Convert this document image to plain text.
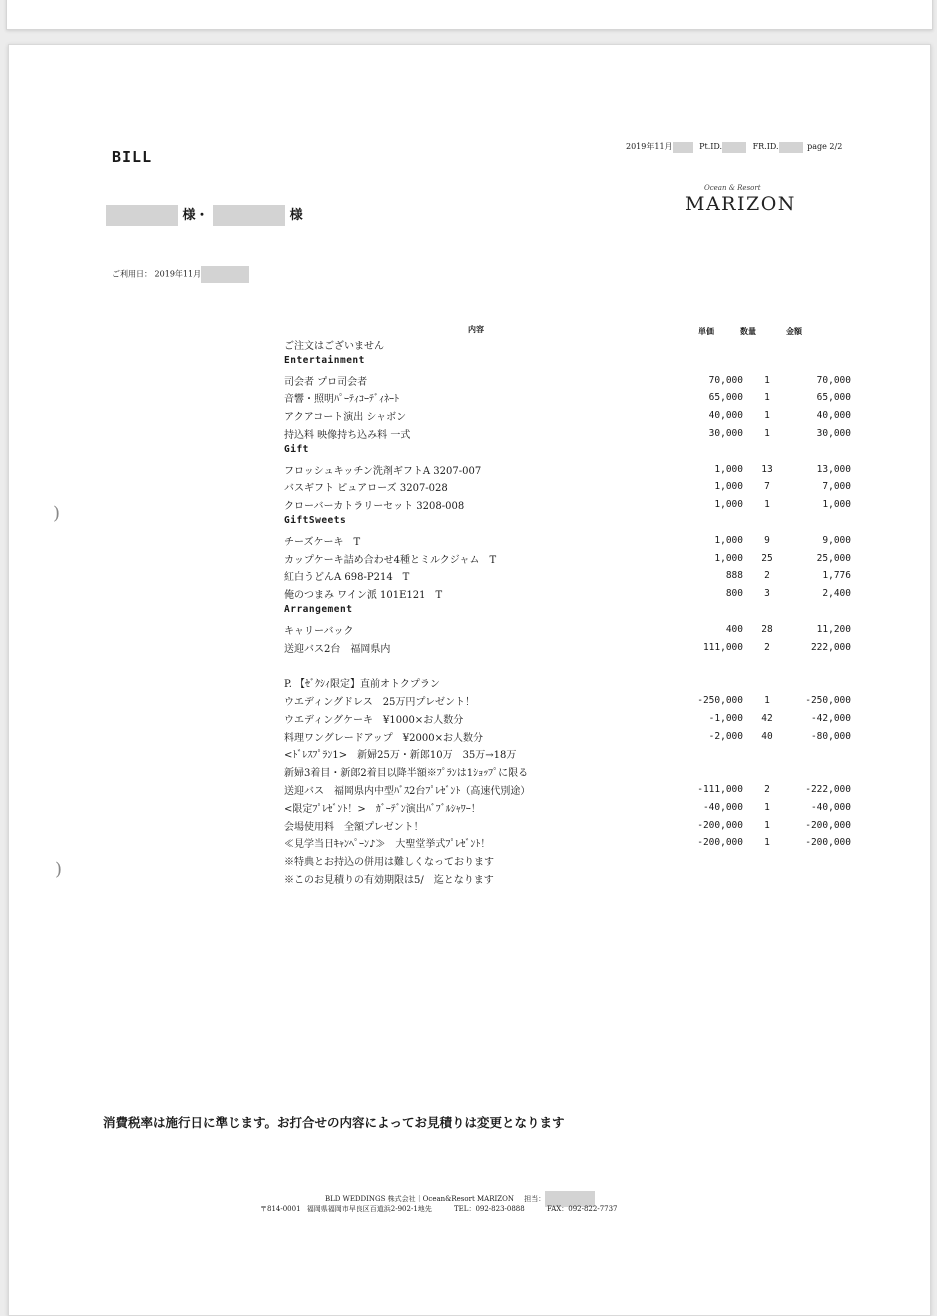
BILL
2019年11月	Pt.ID.	FR.ID.	page 2/2
Ocean & Resort
MARIZON
様・	様
ご利用日： 2019年11月
内容	単価	数量	金額
ご注文はございません
Entertainment
司会者 プロ司会者	70,000	1	70,000
音響・照明ﾊﾟｰﾃｨｺｰﾃﾞｨﾈｰﾄ	65,000	1	65,000
アクアコート演出 シャボン	40,000	1	40,000
持込料 映像持ち込み料 一式	30,000	1	30,000
Gift
フロッシュキッチン洗剤ギフトA 3207-007	1,000	13	13,000
バスギフト ピュアローズ 3207-028	1,000	7	7,000
クローバーカトラリーセット 3208-008	1,000	1	1,000
GiftSweets
チーズケーキ　T	1,000	9	9,000
カップケーキ詰め合わせ4種とミルクジャム　T	1,000	25	25,000
紅白うどんA 698-P214　T	888	2	1,776
俺のつまみ ワイン派 101E121　T	800	3	2,400
Arrangement
キャリーバック	400	28	11,200
送迎バス2台　福岡県内	111,000	2	222,000
P. 【ｾﾞｸｼｨ限定】直前オトクプラン
ウエディングドレス　25万円プレゼント！	-250,000	1	-250,000
ウエディングケーキ　¥1000×お人数分	-1,000	42	-42,000
料理ワングレードアップ　¥2000×お人数分	-2,000	40	-80,000
<ﾄﾞﾚｽﾌﾟﾗﾝ1>　新婦25万・新郎10万　35万→18万
新婦3着目・新郎2着目以降半額※ﾌﾟﾗﾝは1ｼｮｯﾌﾟに限る
送迎バス　福岡県内中型ﾊﾞｽ2台ﾌﾟﾚｾﾞﾝﾄ（高速代別途）	-111,000	2	-222,000
<限定ﾌﾟﾚｾﾞﾝﾄ！>　ｶﾞｰﾃﾞﾝ演出ﾊﾞﾌﾞﾙｼｬﾜｰ！	-40,000	1	-40,000
会場使用料　全額プレゼント！	-200,000	1	-200,000
≪見学当日ｷｬﾝﾍﾟｰﾝ♪≫　大聖堂挙式ﾌﾟﾚｾﾞﾝﾄ！	-200,000	1	-200,000
※特典とお持込の併用は難しくなっております
※このお見積りの有効期限は5/　迄となります
)
)
消費税率は施行日に準じます。お打合せの内容によってお見積りは変更となります
BLD WEDDINGS 株式会社｜Ocean&Resort MARIZON 担当：
〒814-0001 福岡県福岡市早良区百道浜2-902-1地先	TEL：092-823-0888	FAX：092-822-7737
